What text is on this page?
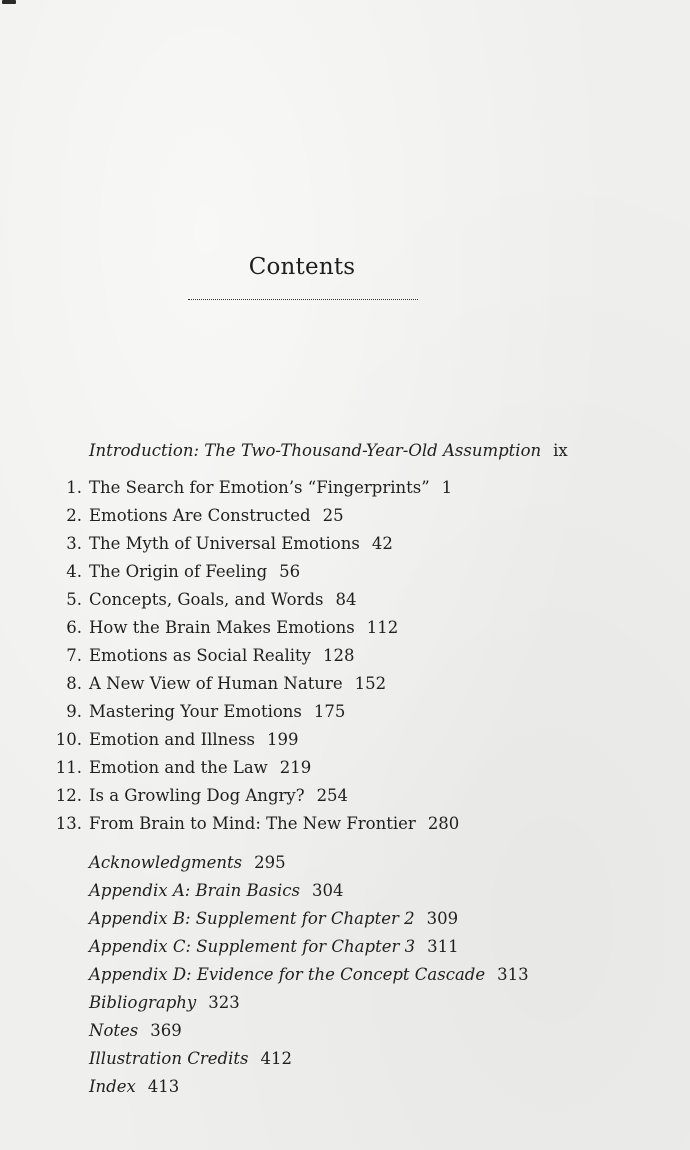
Contents
Introduction: The Two-Thousand-Year-Old Assumption ix
1. The Search for Emotion’s “Fingerprints” 1
2. Emotions Are Constructed 25
3. The Myth of Universal Emotions 42
4. The Origin of Feeling 56
5. Concepts, Goals, and Words 84
6. How the Brain Makes Emotions 112
7. Emotions as Social Reality 128
8. A New View of Human Nature 152
9. Mastering Your Emotions 175
10. Emotion and Illness 199
11. Emotion and the Law 219
12. Is a Growling Dog Angry? 254
13. From Brain to Mind: The New Frontier 280
Acknowledgments 295
Appendix A: Brain Basics 304
Appendix B: Supplement for Chapter 2 309
Appendix C: Supplement for Chapter 3 311
Appendix D: Evidence for the Concept Cascade 313
Bibliography 323
Notes 369
Illustration Credits 412
Index 413
